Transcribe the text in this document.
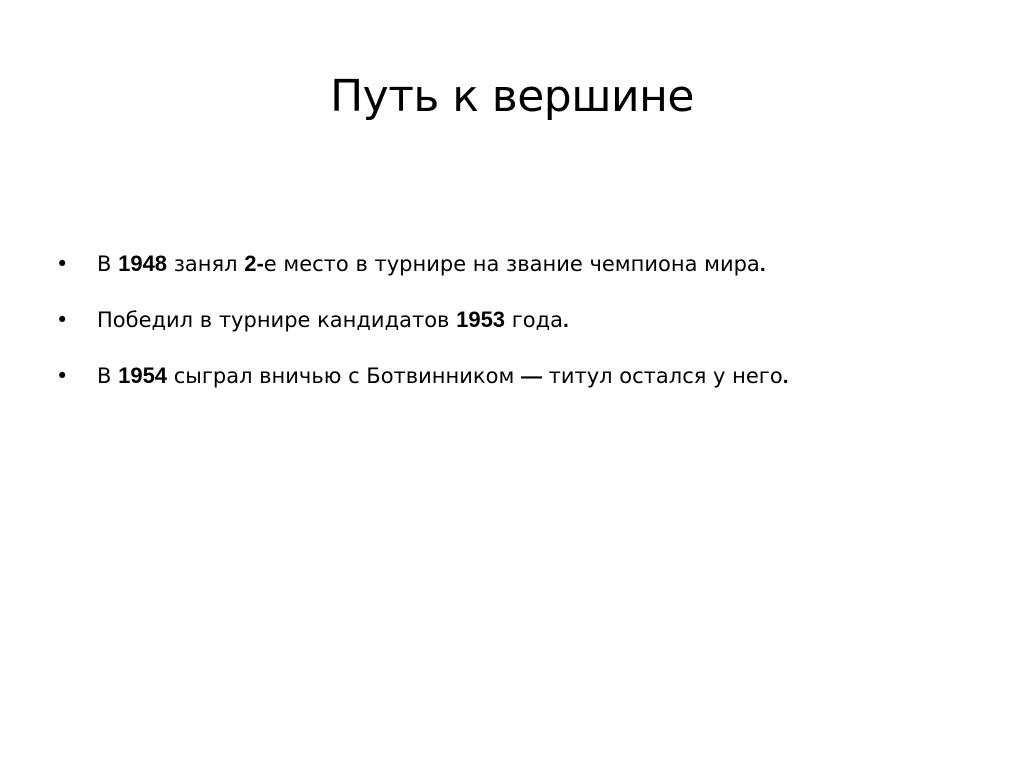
Путь к вершине
• В 1948 занял 2-е место в турнире на звание чемпиона мира.
• Победил в турнире кандидатов 1953 года.
• В 1954 сыграл вничью с Ботвинником — титул остался у него.
